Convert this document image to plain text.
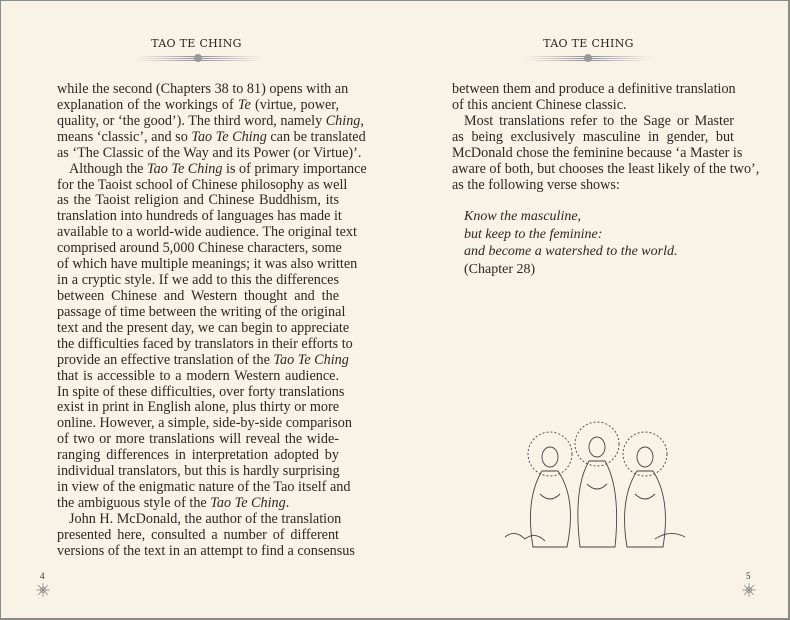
TAO TE CHING
while the second (Chapters 38 to 81) opens with an
explanation of the workings of Te (virtue, power,
quality, or ‘the good’). The third word, namely Ching,
means ‘classic’, and so Tao Te Ching can be translated
as ‘The Classic of the Way and its Power (or Virtue)’.
Although the Tao Te Ching is of primary importance
for the Taoist school of Chinese philosophy as well
as the Taoist religion and Chinese Buddhism, its
translation into hundreds of languages has made it
available to a world-wide audience. The original text
comprised around 5,000 Chinese characters, some
of which have multiple meanings; it was also written
in a cryptic style. If we add to this the differences
between Chinese and Western thought and the
passage of time between the writing of the original
text and the present day, we can begin to appreciate
the difficulties faced by translators in their efforts to
provide an effective translation of the Tao Te Ching
that is accessible to a modern Western audience.
In spite of these difficulties, over forty translations
exist in print in English alone, plus thirty or more
online. However, a simple, side-by-side comparison
of two or more translations will reveal the wide-
ranging differences in interpretation adopted by
individual translators, but this is hardly surprising
in view of the enigmatic nature of the Tao itself and
the ambiguous style of the Tao Te Ching.
John H. McDonald, the author of the translation
presented here, consulted a number of different
versions of the text in an attempt to find a consensus
4
TAO TE CHING
between them and produce a definitive translation
of this ancient Chinese classic.
Most translations refer to the Sage or Master
as being exclusively masculine in gender, but
McDonald chose the feminine because ‘a Master is
aware of both, but chooses the least likely of the two’,
as the following verse shows:
Know the masculine,
but keep to the feminine:
and become a watershed to the world.
(Chapter 28)
5
